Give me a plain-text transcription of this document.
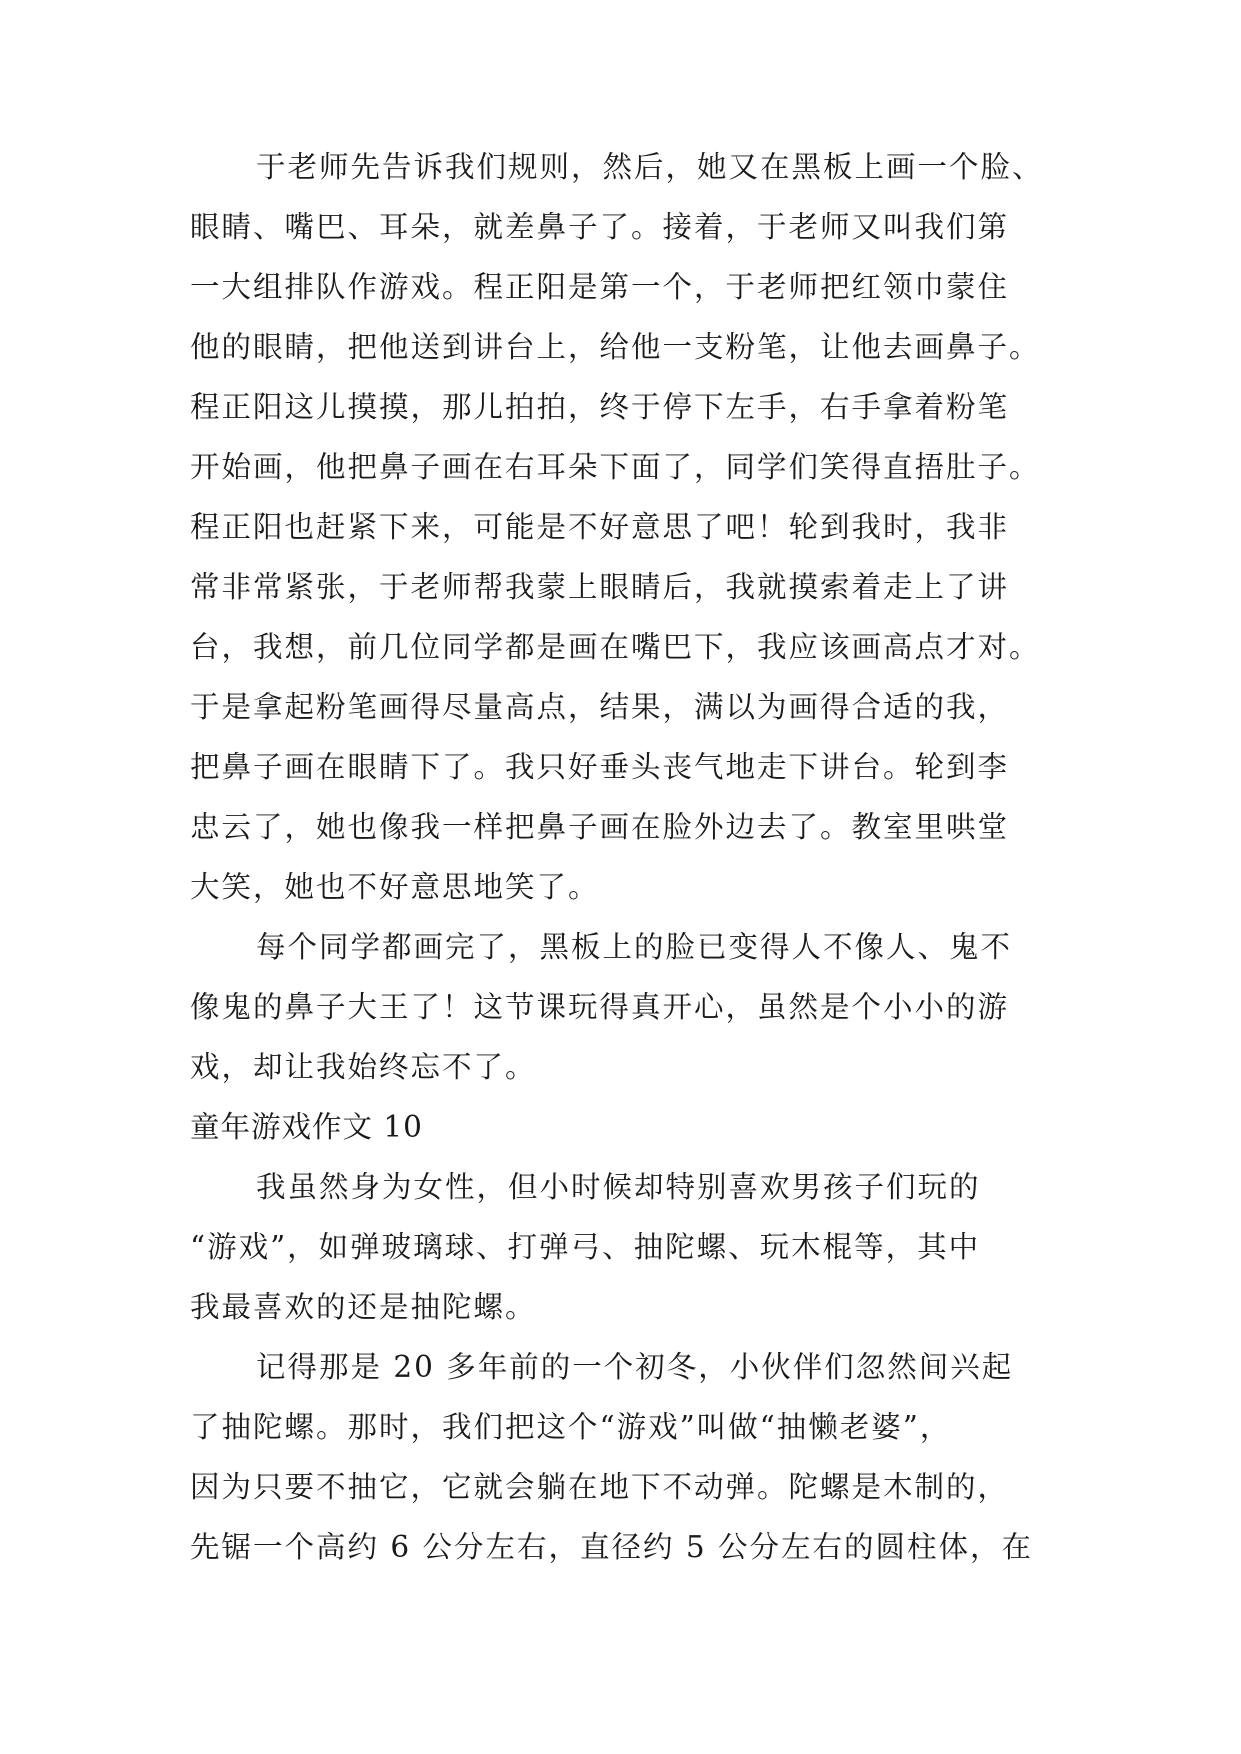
于老师先告诉我们规则，然后，她又在黑板上画一个脸、
眼睛、嘴巴、耳朵，就差鼻子了。接着，于老师又叫我们第
一大组排队作游戏。程正阳是第一个，于老师把红领巾蒙住
他的眼睛，把他送到讲台上，给他一支粉笔，让他去画鼻子。
程正阳这儿摸摸，那儿拍拍，终于停下左手，右手拿着粉笔
开始画，他把鼻子画在右耳朵下面了，同学们笑得直捂肚子。
程正阳也赶紧下来，可能是不好意思了吧！轮到我时，我非
常非常紧张，于老师帮我蒙上眼睛后，我就摸索着走上了讲
台，我想，前几位同学都是画在嘴巴下，我应该画高点才对。
于是拿起粉笔画得尽量高点，结果，满以为画得合适的我，
把鼻子画在眼睛下了。我只好垂头丧气地走下讲台。轮到李
忠云了，她也像我一样把鼻子画在脸外边去了。教室里哄堂
大笑，她也不好意思地笑了。
每个同学都画完了，黑板上的脸已变得人不像人、鬼不
像鬼的鼻子大王了！这节课玩得真开心，虽然是个小小的游
戏，却让我始终忘不了。
童年游戏作文 10
我虽然身为女性，但小时候却特别喜欢男孩子们玩的
“游戏”，如弹玻璃球、打弹弓、抽陀螺、玩木棍等，其中
我最喜欢的还是抽陀螺。
记得那是 20 多年前的一个初冬，小伙伴们忽然间兴起
了抽陀螺。那时，我们把这个“游戏”叫做“抽懒老婆”，
因为只要不抽它，它就会躺在地下不动弹。陀螺是木制的，
先锯一个高约 6 公分左右，直径约 5 公分左右的圆柱体，在
